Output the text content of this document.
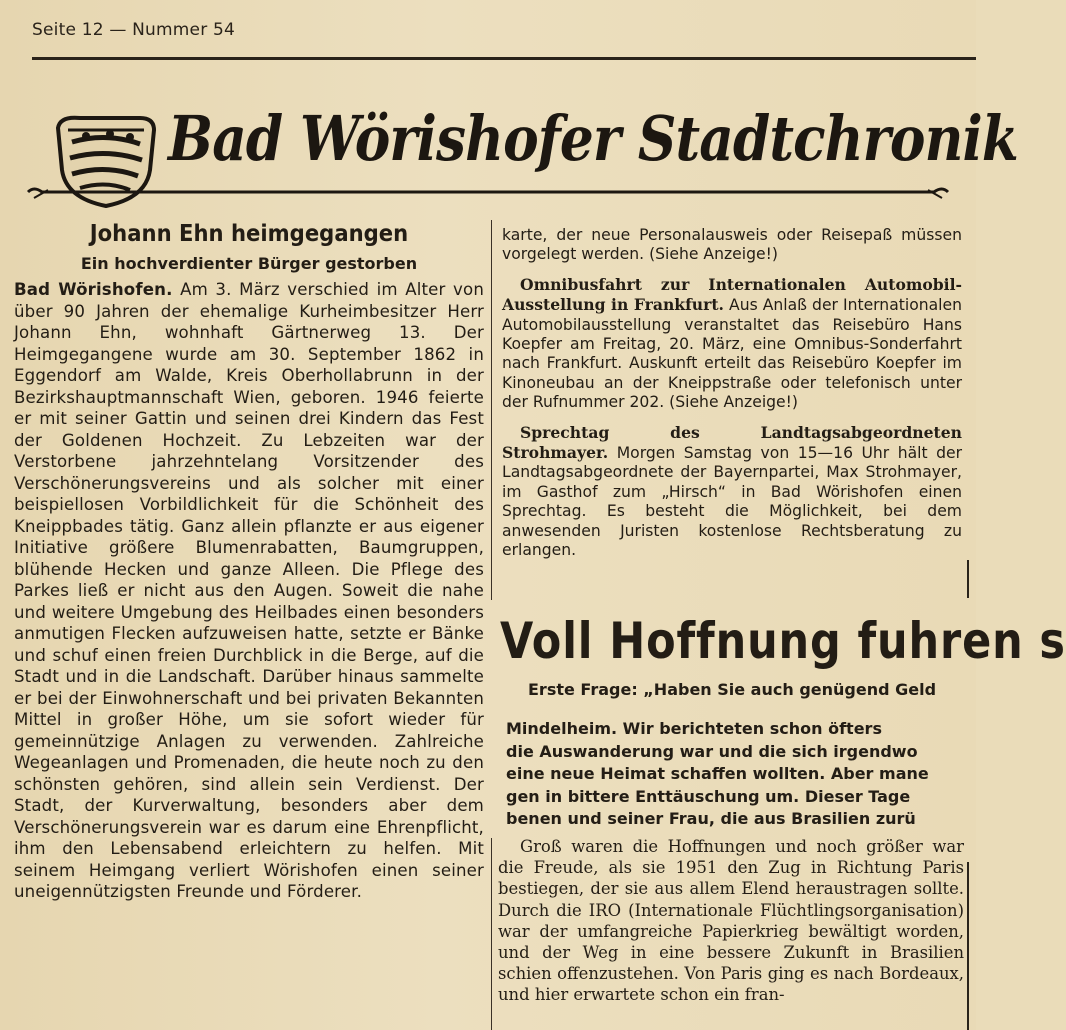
Seite 12 — Nummer 54
Bad Wörishofer Stadtchronik
Johann Ehn heimgegangen
Ein hochverdienter Bürger gestorben

Bad Wörishofen. Am 3. März verschied im Alter von über 90 Jahren der ehemalige Kurheimbesitzer Herr Johann Ehn, wohnhaft Gärtnerweg 13. Der Heimgegangene wurde am 30. September 1862 in Eggendorf am Walde, Kreis Oberhollabrunn in der Bezirkshauptmannschaft Wien, geboren. 1946 feierte er mit seiner Gattin und seinen drei Kindern das Fest der Goldenen Hochzeit. Zu Lebzeiten war der Verstorbene jahrzehntelang Vorsitzender des Verschönerungsvereins und als solcher mit einer beispiellosen Vorbildlichkeit für die Schönheit des Kneippbades tätig. Ganz allein pflanzte er aus eigener Initiative größere Blumenrabatten, Baumgruppen, blühende Hecken und ganze Alleen. Die Pflege des Parkes ließ er nicht aus den Augen. Soweit die nahe und weitere Umgebung des Heilbades einen besonders anmutigen Flecken aufzuweisen hatte, setzte er Bänke und schuf einen freien Durchblick in die Berge, auf die Stadt und in die Landschaft. Darüber hinaus sammelte er bei der Einwohnerschaft und bei privaten Bekannten Mittel in großer Höhe, um sie sofort wieder für gemeinnützige Anlagen zu verwenden. Zahlreiche Wegeanlagen und Promenaden, die heute noch zu den schönsten gehören, sind allein sein Verdienst. Der Stadt, der Kurverwaltung, besonders aber dem Verschönerungsverein war es darum eine Ehrenpflicht, ihm den Lebensabend erleichtern zu helfen. Mit seinem Heimgang verliert Wörishofen einen seiner uneigennützigsten Freunde und Förderer.

karte, der neue Personalausweis oder Reisepaß müssen vorgelegt werden. (Siehe Anzeige!)

Omnibusfahrt zur Internationalen Automobil-Ausstellung in Frankfurt. Aus Anlaß der Internationalen Automobilausstellung veranstaltet das Reisebüro Hans Koepfer am Freitag, 20. März, eine Omnibus-Sonderfahrt nach Frankfurt. Auskunft erteilt das Reisebüro Koepfer im Kinoneubau an der Kneippstraße oder telefonisch unter der Rufnummer 202. (Siehe Anzeige!)

Sprechtag des Landtagsabgeordneten Strohmayer. Morgen Samstag von 15—16 Uhr hält der Landtagsabgeordnete der Bayernpartei, Max Strohmayer, im Gasthof zum „Hirsch“ in Bad Wörishofen einen Sprechtag. Es besteht die Möglichkeit, bei dem anwesenden Juristen kostenlose Rechtsberatung zu erlangen.

Voll Hoffnung fuhren s
Erste Frage: „Haben Sie auch genügend Geld
Mindelheim. Wir berichteten schon öfters
die Auswanderung war und die sich irgendwo
eine neue Heimat schaffen wollten. Aber mane
gen in bittere Enttäuschung um. Dieser Tage
benen und seiner Frau, die aus Brasilien zurü

Groß waren die Hoffnungen und noch größer war die Freude, als sie 1951 den Zug in Richtung Paris bestiegen, der sie aus allem Elend heraustragen sollte. Durch die IRO (Internationale Flüchtlingsorganisation) war der umfangreiche Papierkrieg bewältigt worden, und der Weg in eine bessere Zukunft in Brasilien schien offenzustehen. Von Paris ging es nach Bordeaux, und hier erwartete schon ein fran-
